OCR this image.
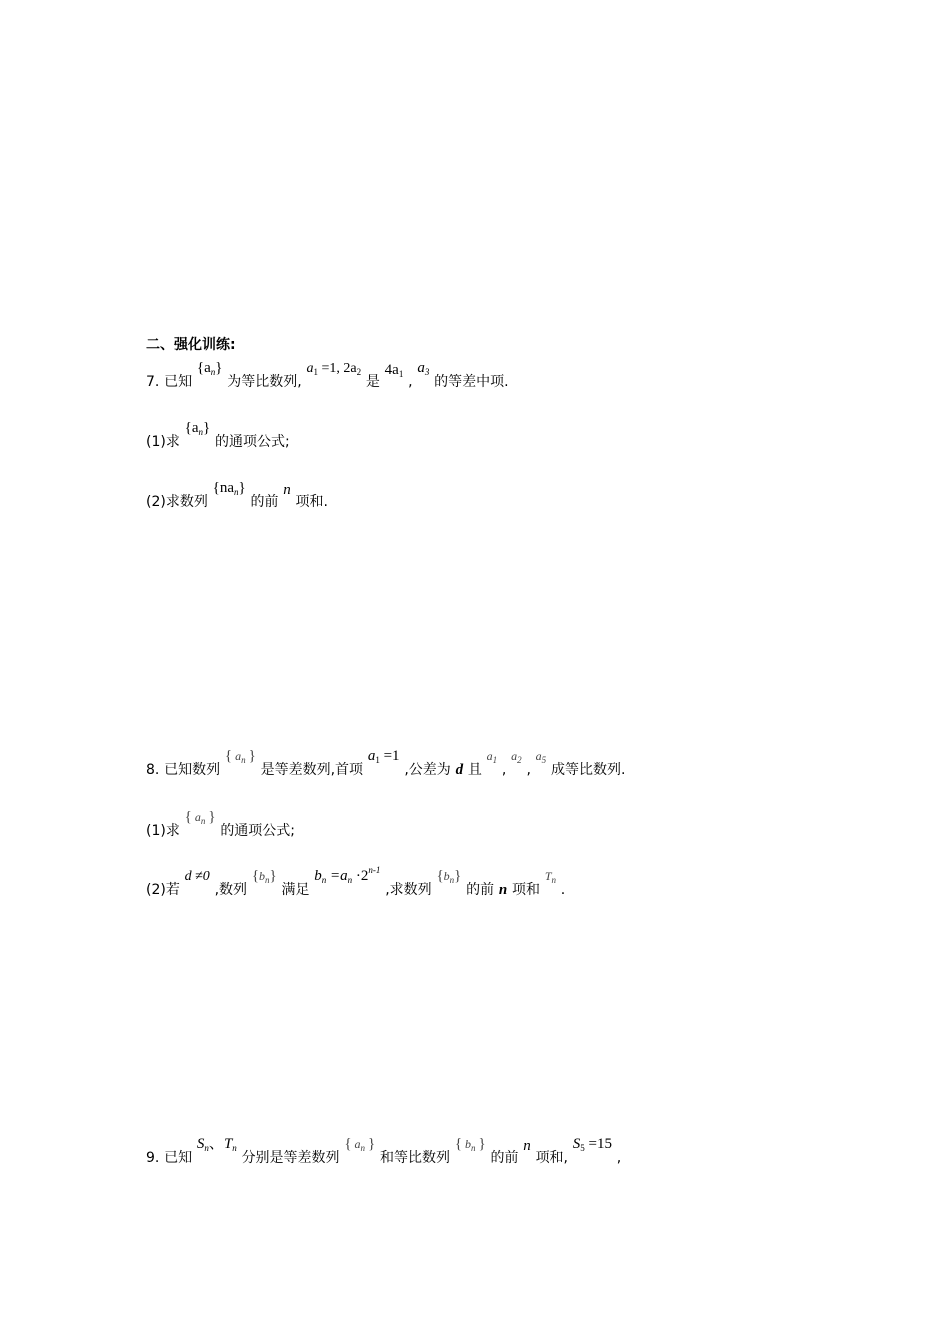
二、强化训练:
7. 已知 $\{a_n\}$ 为等比数列, $a_1 =1$, $2a_2$ 是 $4a_1$ , $a_3$ 的等差中项.
(1)求 $\{a_n\}$ 的通项公式;
(2)求数列 $\{na_n\}$ 的前 n 项和.
8. 已知数列 $^{\{ a_n \}}$ 是等差数列,首项 $a_1 =1$ ,公差为 d 且 $^{a_1}$ , $^{a_2}$ , $^{a_5}$ 成等比数列.
(1)求 $^{\{ a_n \}}$ 的通项公式;
(2)若 d ≠0 ,数列 $^{\{b_n\}}$ 满足 $b_n =a_n \cdot 2^{n-1}$ ,求数列 $^{\{b_n\}}$ 的前 n 项和 $^{T_n}$ .
9. 已知 $S_n$、$T_n$ 分别是等差数列 $^{\{ a_n \}}$ 和等比数列 $^{\{ b_n \}}$ 的前 n 项和, $S_5 =15$ ,
